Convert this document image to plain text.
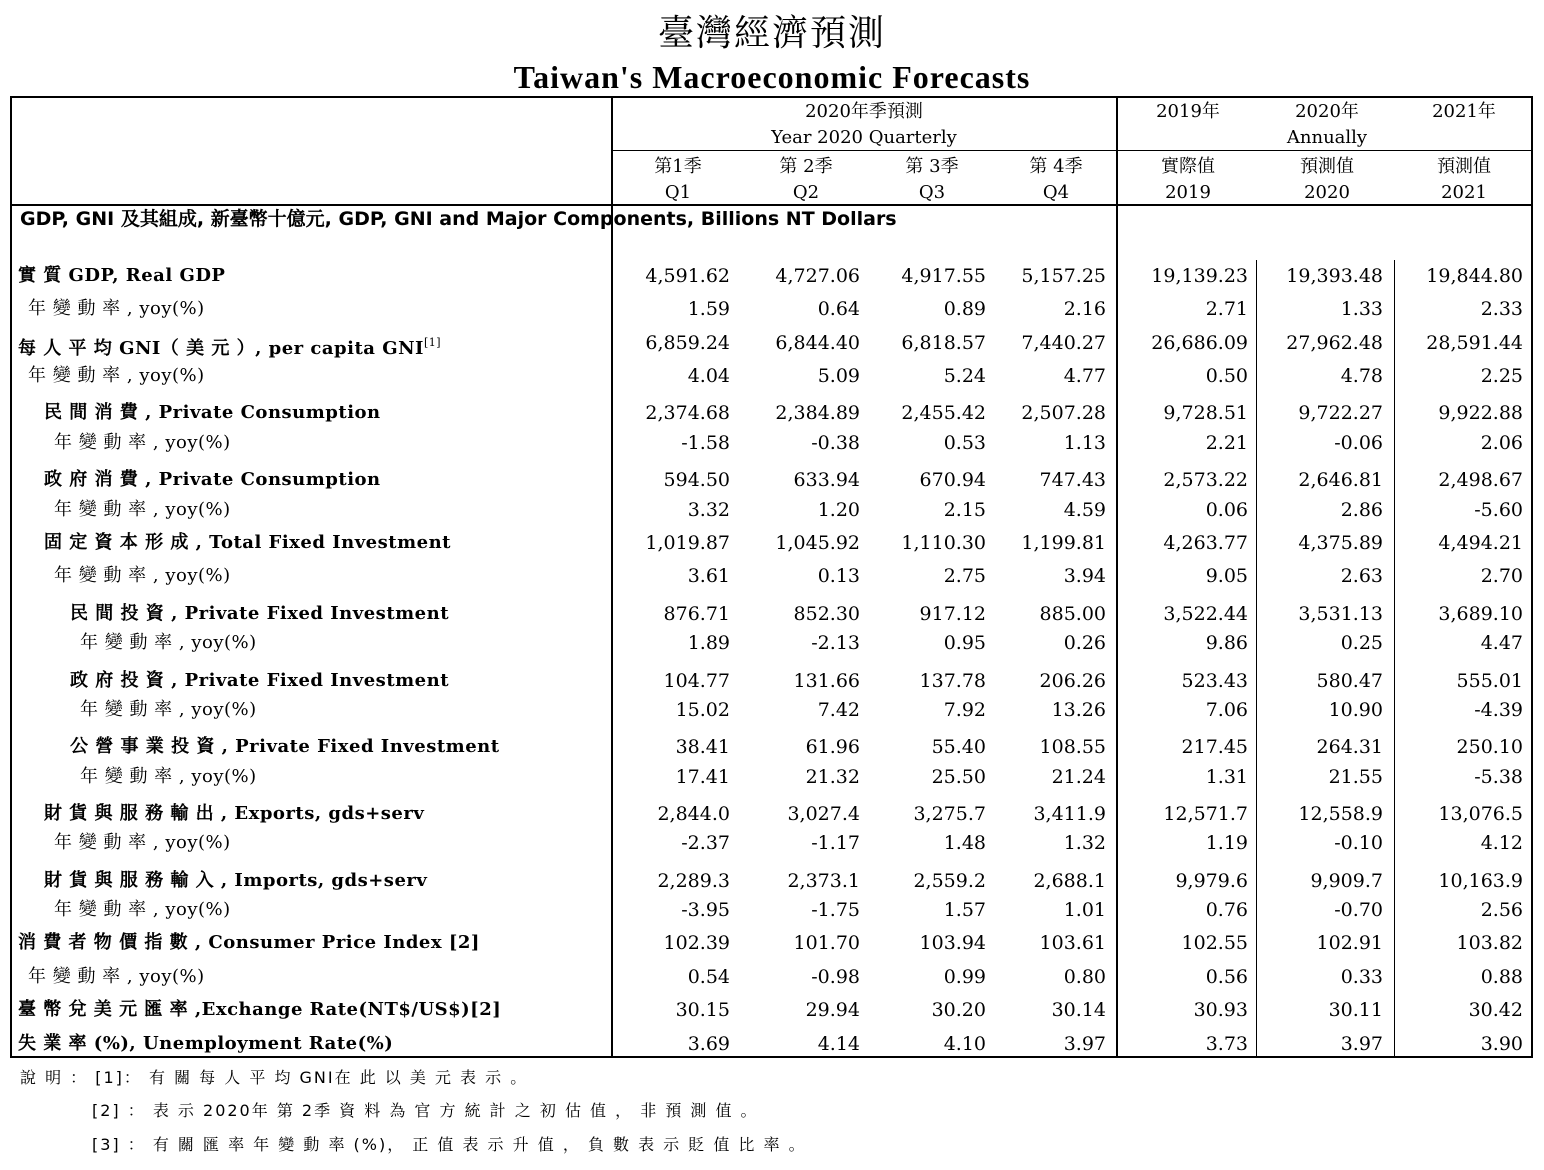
臺灣經濟預測
Taiwan's Macroeconomic Forecasts
2020年季預測
Year 2020 Quarterly
2019年	2020年	2021年
Annually
第1季	第 2季	第 3季	第 4季
Q1	Q2	Q3	Q4
實際值	預測值	預測值
2019	2020	2021
GDP, GNI 及其組成, 新臺幣十億元, GDP, GNI and Major Components, Billions NT Dollars
實 質 GDP, Real GDP	4,591.62	4,727.06	4,917.55	5,157.25	19,139.23	19,393.48	19,844.80
年 變 動 率 , yoy(%)	1.59	0.64	0.89	2.16	2.71	1.33	2.33
每 人 平 均 GNI（ 美 元 ）, per capita GNI[1]	6,859.24	6,844.40	6,818.57	7,440.27	26,686.09	27,962.48	28,591.44
年 變 動 率 , yoy(%)	4.04	5.09	5.24	4.77	0.50	4.78	2.25
民 間 消 費 , Private Consumption	2,374.68	2,384.89	2,455.42	2,507.28	9,728.51	9,722.27	9,922.88
年 變 動 率 , yoy(%)	-1.58	-0.38	0.53	1.13	2.21	-0.06	2.06
政 府 消 費 , Private Consumption	594.50	633.94	670.94	747.43	2,573.22	2,646.81	2,498.67
年 變 動 率 , yoy(%)	3.32	1.20	2.15	4.59	0.06	2.86	-5.60
固 定 資 本 形 成 , Total Fixed Investment	1,019.87	1,045.92	1,110.30	1,199.81	4,263.77	4,375.89	4,494.21
年 變 動 率 , yoy(%)	3.61	0.13	2.75	3.94	9.05	2.63	2.70
民 間 投 資 , Private Fixed Investment	876.71	852.30	917.12	885.00	3,522.44	3,531.13	3,689.10
年 變 動 率 , yoy(%)	1.89	-2.13	0.95	0.26	9.86	0.25	4.47
政 府 投 資 , Private Fixed Investment	104.77	131.66	137.78	206.26	523.43	580.47	555.01
年 變 動 率 , yoy(%)	15.02	7.42	7.92	13.26	7.06	10.90	-4.39
公 營 事 業 投 資 , Private Fixed Investment	38.41	61.96	55.40	108.55	217.45	264.31	250.10
年 變 動 率 , yoy(%)	17.41	21.32	25.50	21.24	1.31	21.55	-5.38
財 貨 與 服 務 輸 出 , Exports, gds+serv	2,844.0	3,027.4	3,275.7	3,411.9	12,571.7	12,558.9	13,076.5
年 變 動 率 , yoy(%)	-2.37	-1.17	1.48	1.32	1.19	-0.10	4.12
財 貨 與 服 務 輸 入 , Imports, gds+serv	2,289.3	2,373.1	2,559.2	2,688.1	9,979.6	9,909.7	10,163.9
年 變 動 率 , yoy(%)	-3.95	-1.75	1.57	1.01	0.76	-0.70	2.56
消 費 者 物 價 指 數 , Consumer Price Index [2]	102.39	101.70	103.94	103.61	102.55	102.91	103.82
年 變 動 率 , yoy(%)	0.54	-0.98	0.99	0.80	0.56	0.33	0.88
臺 幣 兌 美 元 匯 率 ,Exchange Rate(NT$/US$)[2]	30.15	29.94	30.20	30.14	30.93	30.11	30.42
失 業 率 (%), Unemployment Rate(%)	3.69	4.14	4.10	3.97	3.73	3.97	3.90
說 明 ： [1]： 有 關 每 人 平 均 GNI在 此 以 美 元 表 示 。
[2] ： 表 示 2020年 第 2季 資 料 為 官 方 統 計 之 初 估 值 ， 非 預 測 值 。
[3] ： 有 關 匯 率 年 變 動 率 (%)， 正 值 表 示 升 值 ， 負 數 表 示 貶 值 比 率 。
